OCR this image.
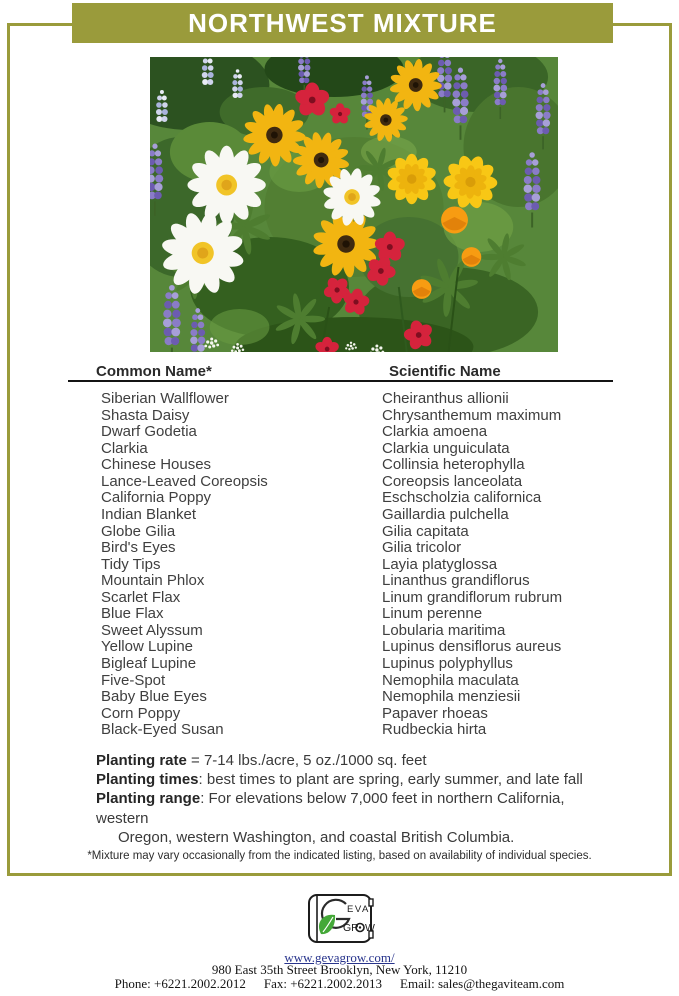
NORTHWEST MIXTURE
Common Name*	Scientific Name
Siberian Wallflower	Cheiranthus allionii
Shasta Daisy	Chrysanthemum maximum
Dwarf Godetia	Clarkia amoena
Clarkia	Clarkia unguiculata
Chinese Houses	Collinsia heterophylla
Lance-Leaved Coreopsis	Coreopsis lanceolata
California Poppy	Eschscholzia californica
Indian Blanket	Gaillardia pulchella
Globe Gilia	Gilia capitata
Bird's Eyes	Gilia tricolor
Tidy Tips	Layia platyglossa
Mountain Phlox	Linanthus grandiflorus
Scarlet Flax	Linum grandiflorum rubrum
Blue Flax	Linum perenne
Sweet Alyssum	Lobularia maritima
Yellow Lupine	Lupinus densiflorus aureus
Bigleaf Lupine	Lupinus polyphyllus
Five-Spot	Nemophila maculata
Baby Blue Eyes	Nemophila menziesii
Corn Poppy	Papaver rhoeas
Black-Eyed Susan	Rudbeckia hirta
Planting rate = 7-14 lbs./acre, 5 oz./1000 sq. feet
Planting times: best times to plant are spring, early summer, and late fall
Planting range: For elevations below 7,000 feet in northern California,
western
Oregon, western Washington, and coastal British Columbia.
*Mixture may vary occasionally from the indicated listing, based on availability of individual species.
EVA
GR W
www.gevagrow.com/
980 East 35th Street Brooklyn, New York, 11210
Phone: +6221.2002.2012 Fax: +6221.2002.2013 Email: sales@thegaviteam.com
